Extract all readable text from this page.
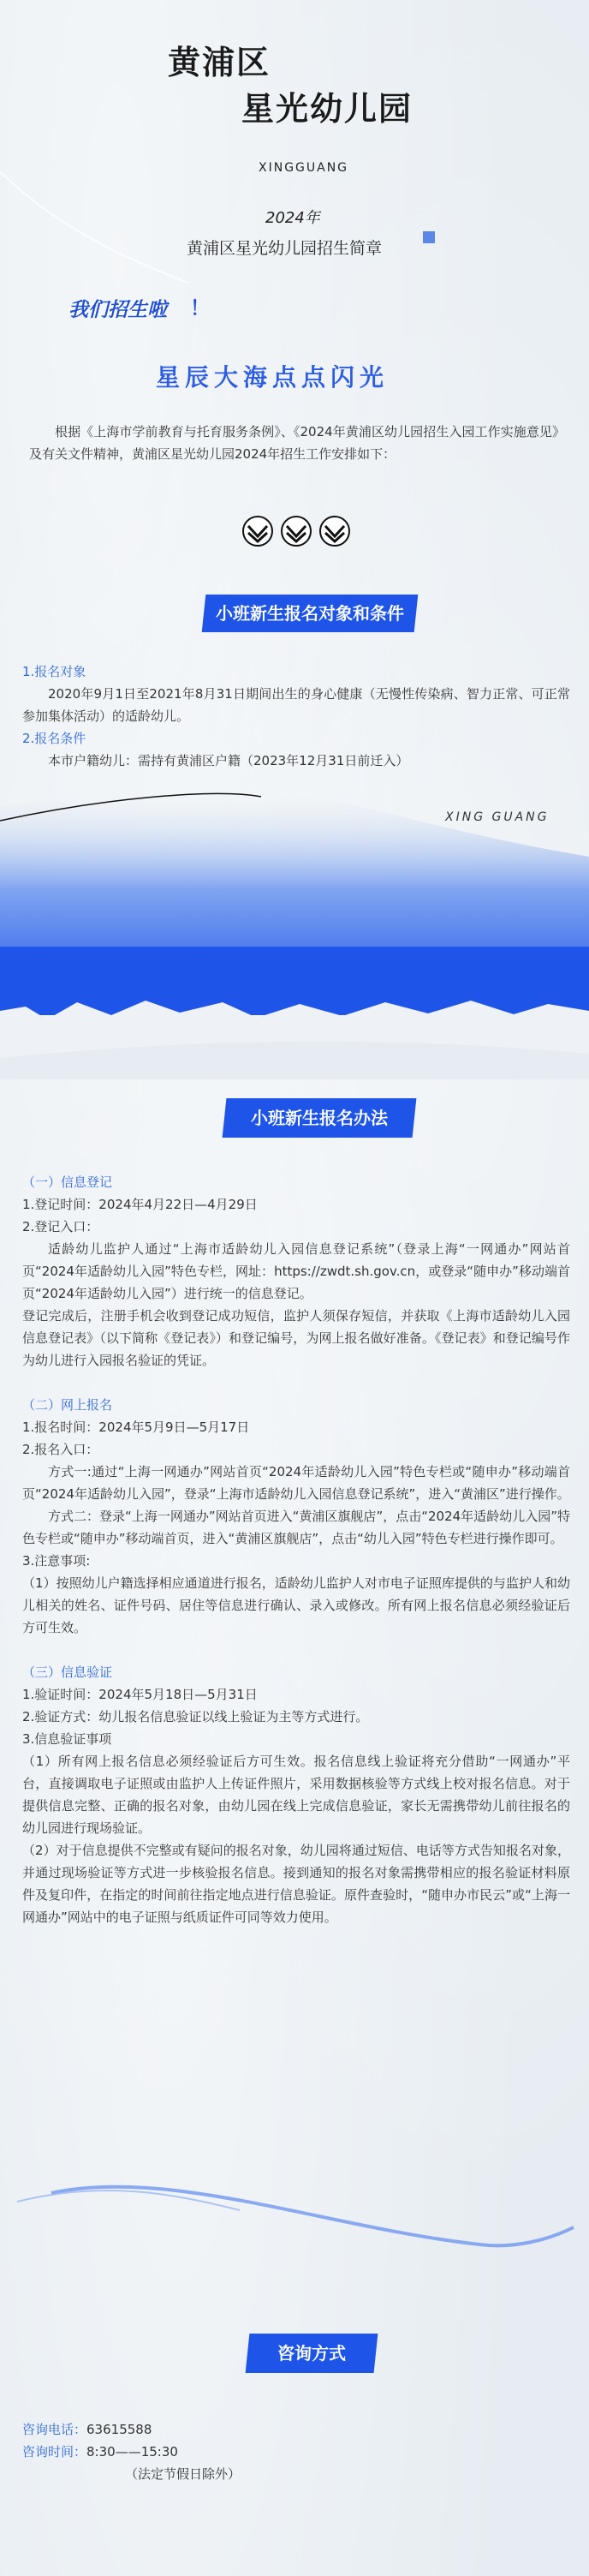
黄浦区
星光幼儿园
XINGGUANG
2024年
黄浦区星光幼儿园招生简章
我们招生啦 ！
星辰大海点点闪光
根据《上海市学前教育与托育服务条例》、《2024年黄浦区幼儿园招生入园工作实施意见》及有关文件精神，黄浦区星光幼儿园2024年招生工作安排如下：
小班新生报名对象和条件
1.报名对象
2020年9月1日至2021年8月31日期间出生的身心健康（无慢性传染病、智力正常、可正常参加集体活动）的适龄幼儿。
2.报名条件
本市户籍幼儿：需持有黄浦区户籍（2023年12月31日前迁入）
XING GUANG
小班新生报名办法
（一）信息登记
1.登记时间：2024年4月22日—4月29日
2.登记入口：
适龄幼儿监护人通过“上海市适龄幼儿入园信息登记系统”（登录上海“一网通办”网站首页“2024年适龄幼儿入园”特色专栏，网址：https://zwdt.sh.gov.cn，或登录“随申办”移动端首页“2024年适龄幼儿入园”）进行统一的信息登记。
登记完成后，注册手机会收到登记成功短信，监护人须保存短信，并获取《上海市适龄幼儿入园信息登记表》（以下简称《登记表》）和登记编号，为网上报名做好准备。《登记表》和登记编号作为幼儿进行入园报名验证的凭证。
（二）网上报名
1.报名时间：2024年5月9日—5月17日
2.报名入口：
方式一:通过“上海一网通办”网站首页“2024年适龄幼儿入园”特色专栏或“随申办”移动端首页“2024年适龄幼儿入园”，登录“上海市适龄幼儿入园信息登记系统”，进入“黄浦区”进行操作。
方式二：登录“上海一网通办”网站首页进入“黄浦区旗舰店”，点击“2024年适龄幼儿入园”特色专栏或“随申办”移动端首页，进入“黄浦区旗舰店”，点击“幼儿入园”特色专栏进行操作即可。
3.注意事项:
（1）按照幼儿户籍选择相应通道进行报名，适龄幼儿监护人对市电子证照库提供的与监护人和幼儿相关的姓名、证件号码、居住等信息进行确认、录入或修改。所有网上报名信息必须经验证后方可生效。
（三）信息验证
1.验证时间：2024年5月18日—5月31日
2.验证方式：幼儿报名信息验证以线上验证为主等方式进行。
3.信息验证事项
（1）所有网上报名信息必须经验证后方可生效。报名信息线上验证将充分借助“一网通办”平台，直接调取电子证照或由监护人上传证件照片，采用数据核验等方式线上校对报名信息。对于提供信息完整、正确的报名对象，由幼儿园在线上完成信息验证，家长无需携带幼儿前往报名的幼儿园进行现场验证。
（2）对于信息提供不完整或有疑问的报名对象，幼儿园将通过短信、电话等方式告知报名对象，并通过现场验证等方式进一步核验报名信息。接到通知的报名对象需携带相应的报名验证材料原件及复印件，在指定的时间前往指定地点进行信息验证。原件查验时，“随申办市民云”或“上海一网通办”网站中的电子证照与纸质证件可同等效力使用。
咨询方式
咨询电话：63615588
咨询时间：8:30——15:30
（法定节假日除外）
